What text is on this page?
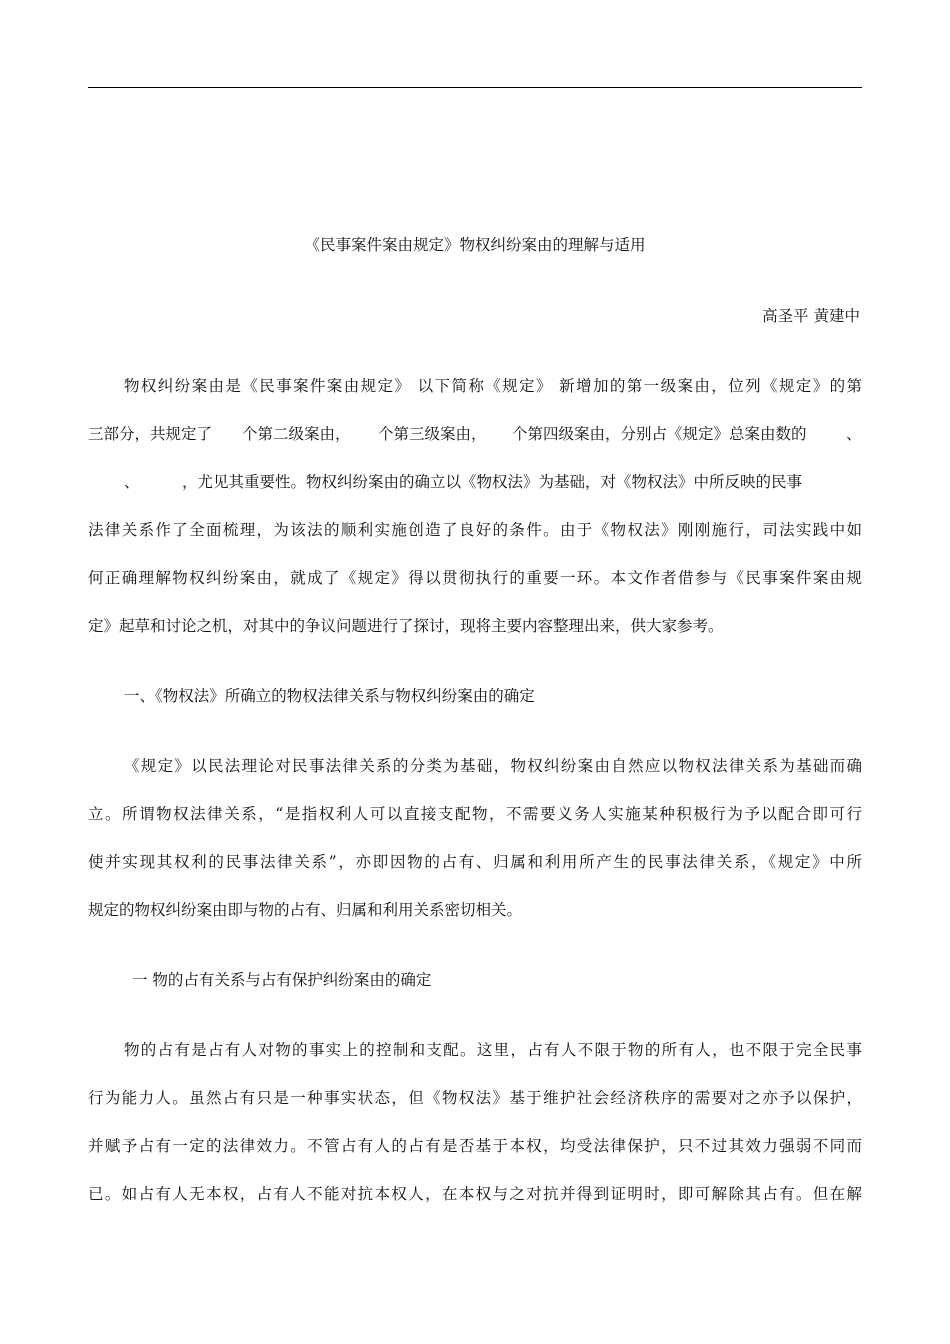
《民事案件案由规定》物权纠纷案由的理解与适用
高圣平 黄建中
物权纠纷案由是《民事案件案由规定》 以下简称《规定》 新增加的第一级案由，位列《规定》的第
三部分，共规定了 个第二级案由， 个第三级案由， 个第四级案由，分别占《规定》总案由数的	、
、	，尤见其重要性。物权纠纷案由的确立以《物权法》为基础，对《物权法》中所反映的民事
法律关系作了全面梳理，为该法的顺利实施创造了良好的条件。由于《物权法》刚刚施行，司法实践中如
何正确理解物权纠纷案由，就成了《规定》得以贯彻执行的重要一环。本文作者借参与《民事案件案由规
定》起草和讨论之机，对其中的争议问题进行了探讨，现将主要内容整理出来，供大家参考。
一、《物权法》所确立的物权法律关系与物权纠纷案由的确定
《规定》以民法理论对民事法律关系的分类为基础，物权纠纷案由自然应以物权法律关系为基础而确
立。所谓物权法律关系，“是指权利人可以直接支配物，不需要义务人实施某种积极行为予以配合即可行
使并实现其权利的民事法律关系”，亦即因物的占有、归属和利用所产生的民事法律关系，《规定》中所
规定的物权纠纷案由即与物的占有、归属和利用关系密切相关。
一 物的占有关系与占有保护纠纷案由的确定
物的占有是占有人对物的事实上的控制和支配。这里，占有人不限于物的所有人，也不限于完全民事
行为能力人。虽然占有只是一种事实状态，但《物权法》基于维护社会经济秩序的需要对之亦予以保护，
并赋予占有一定的法律效力。不管占有人的占有是否基于本权，均受法律保护，只不过其效力强弱不同而
已。如占有人无本权，占有人不能对抗本权人，在本权与之对抗并得到证明时，即可解除其占有。但在解
